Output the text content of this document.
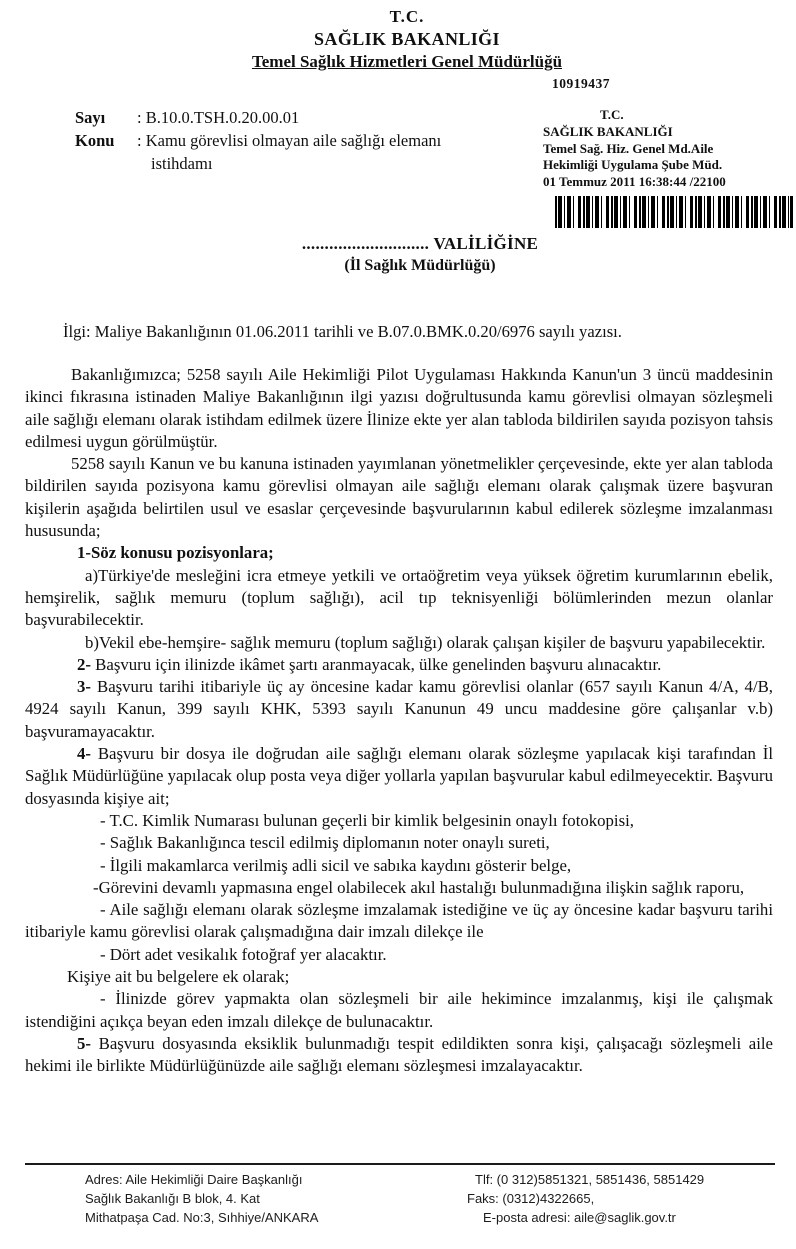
T.C.
SAĞLIK BAKANLIĞI
Temel Sağlık Hizmetleri Genel Müdürlüğü
10919437
Sayı	: B.10.0.TSH.0.20.00.01
Konu	: Kamu görevlisi olmayan aile sağlığı elemanı istihdamı
T.C.
SAĞLIK BAKANLIĞI
Temel Sağ. Hiz. Genel Md.Aile
Hekimliği Uygulama Şube Müd.
01 Temmuz 2011 16:38:44 /22100
............................ VALİLİĞİNE
(İl Sağlık Müdürlüğü)
İlgi: Maliye Bakanlığının 01.06.2011 tarihli ve B.07.0.BMK.0.20/6976 sayılı yazısı.

Bakanlığımızca; 5258 sayılı Aile Hekimliği Pilot Uygulaması Hakkında Kanun'un 3 üncü maddesinin ikinci fıkrasına istinaden Maliye Bakanlığının ilgi yazısı doğrultusunda kamu görevlisi olmayan sözleşmeli aile sağlığı elemanı olarak istihdam edilmek üzere İlinize ekte yer alan tabloda bildirilen sayıda pozisyon tahsis edilmesi uygun görülmüştür.

5258 sayılı Kanun ve bu kanuna istinaden yayımlanan yönetmelikler çerçevesinde, ekte yer alan tabloda bildirilen sayıda pozisyona kamu görevlisi olmayan aile sağlığı elemanı olarak çalışmak üzere başvuran kişilerin aşağıda belirtilen usul ve esaslar çerçevesinde başvurularının kabul edilerek sözleşme imzalanması hususunda;

1-Söz konusu pozisyonlara;

a)Türkiye'de mesleğini icra etmeye yetkili ve ortaöğretim veya yüksek öğretim kurumlarının ebelik, hemşirelik, sağlık memuru (toplum sağlığı), acil tıp teknisyenliği bölümlerinden mezun olanlar başvurabilecektir.

b)Vekil ebe-hemşire- sağlık memuru (toplum sağlığı) olarak çalışan kişiler de başvuru yapabilecektir.

2- Başvuru için ilinizde ikâmet şartı aranmayacak, ülke genelinden başvuru alınacaktır.

3- Başvuru tarihi itibariyle üç ay öncesine kadar kamu görevlisi olanlar (657 sayılı Kanun 4/A, 4/B, 4924 sayılı Kanun, 399 sayılı KHK, 5393 sayılı Kanunun 49 uncu maddesine göre çalışanlar v.b) başvuramayacaktır.

4- Başvuru bir dosya ile doğrudan aile sağlığı elemanı olarak sözleşme yapılacak kişi tarafından İl Sağlık Müdürlüğüne yapılacak olup posta veya diğer yollarla yapılan başvurular kabul edilmeyecektir. Başvuru dosyasında kişiye ait;

- T.C. Kimlik Numarası bulunan geçerli bir kimlik belgesinin onaylı fotokopisi,

- Sağlık Bakanlığınca tescil edilmiş diplomanın noter onaylı sureti,

- İlgili makamlarca verilmiş adli sicil ve sabıka kaydını gösterir belge,

-Görevini devamlı yapmasına engel olabilecek akıl hastalığı bulunmadığına ilişkin sağlık raporu,

- Aile sağlığı elemanı olarak sözleşme imzalamak istediğine ve üç ay öncesine kadar başvuru tarihi itibariyle kamu görevlisi olarak çalışmadığına dair imzalı dilekçe ile

- Dört adet vesikalık fotoğraf yer alacaktır.

Kişiye ait bu belgelere ek olarak;

- İlinizde görev yapmakta olan sözleşmeli bir aile hekimince imzalanmış, kişi ile çalışmak istendiğini açıkça beyan eden imzalı dilekçe de bulunacaktır.

5- Başvuru dosyasında eksiklik bulunmadığı tespit edildikten sonra kişi, çalışacağı sözleşmeli aile hekimi ile birlikte Müdürlüğünüzde aile sağlığı elemanı sözleşmesi imzalayacaktır.

Adres: Aile Hekimliği Daire Başkanlığı
Sağlık Bakanlığı B blok, 4. Kat
Mithatpaşa Cad. No:3, Sıhhiye/ANKARA
Tlf: (0 312)5851321, 5851436, 5851429
Faks: (0312)4322665,
E-posta adresi: aile@saglik.gov.tr
